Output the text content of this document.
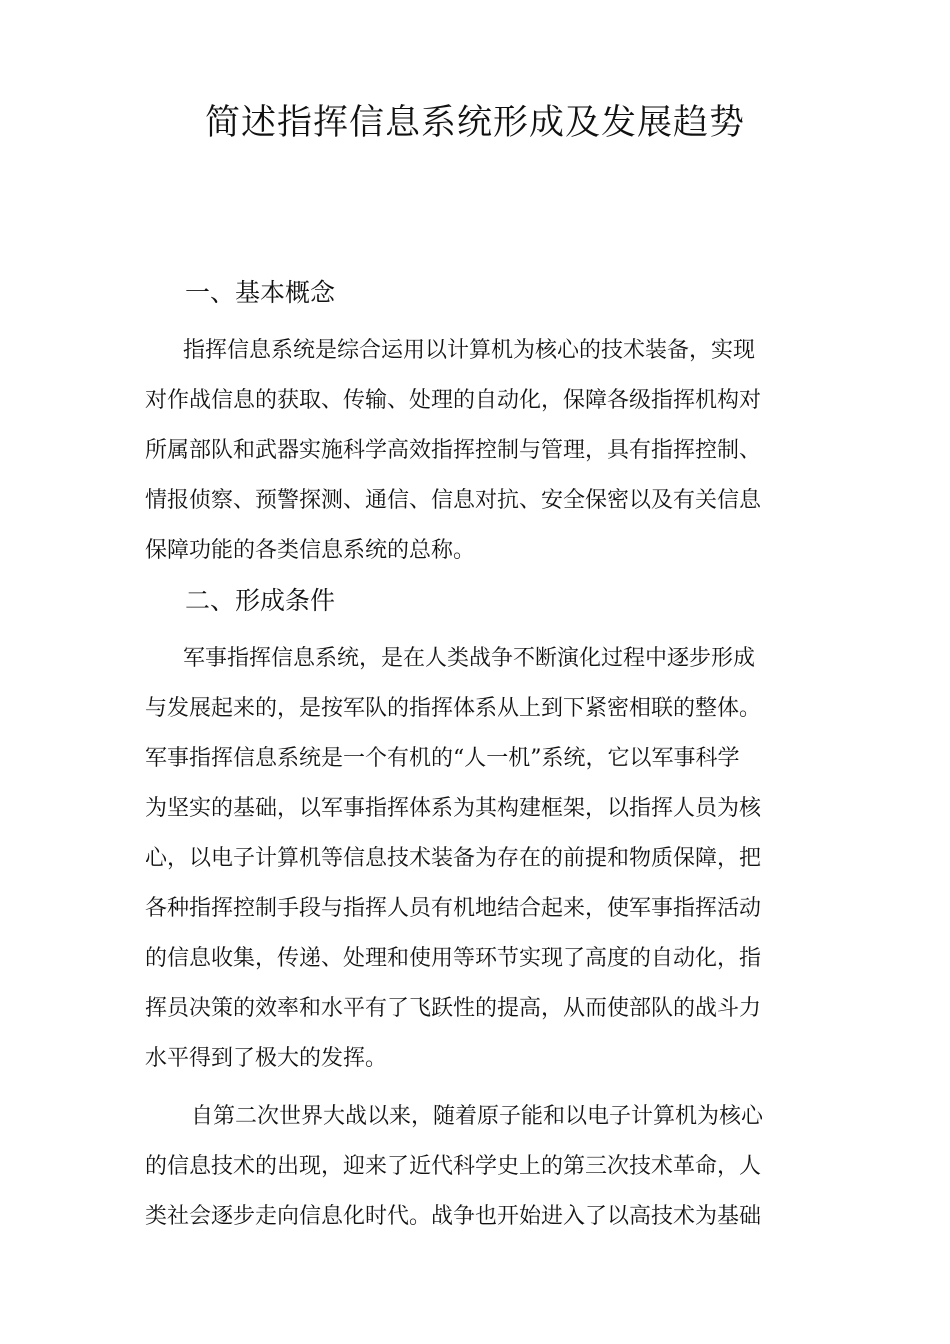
简述指挥信息系统形成及发展趋势
一、基本概念
指挥信息系统是综合运用以计算机为核心的技术装备，实现
对作战信息的获取、传输、处理的自动化，保障各级指挥机构对
所属部队和武器实施科学高效指挥控制与管理，具有指挥控制、
情报侦察、预警探测、通信、信息对抗、安全保密以及有关信息
保障功能的各类信息系统的总称。
二、形成条件
军事指挥信息系统，是在人类战争不断演化过程中逐步形成
与发展起来的，是按军队的指挥体系从上到下紧密相联的整体。
军事指挥信息系统是一个有机的“人一机”系统，它以军事科学
为坚实的基础，以军事指挥体系为其构建框架，以指挥人员为核
心，以电子计算机等信息技术装备为存在的前提和物质保障，把
各种指挥控制手段与指挥人员有机地结合起来，使军事指挥活动
的信息收集，传递、处理和使用等环节实现了高度的自动化，指
挥员决策的效率和水平有了飞跃性的提高，从而使部队的战斗力
水平得到了极大的发挥。
自第二次世界大战以来，随着原子能和以电子计算机为核心
的信息技术的出现，迎来了近代科学史上的第三次技术革命，人
类社会逐步走向信息化时代。战争也开始进入了以高技术为基础
